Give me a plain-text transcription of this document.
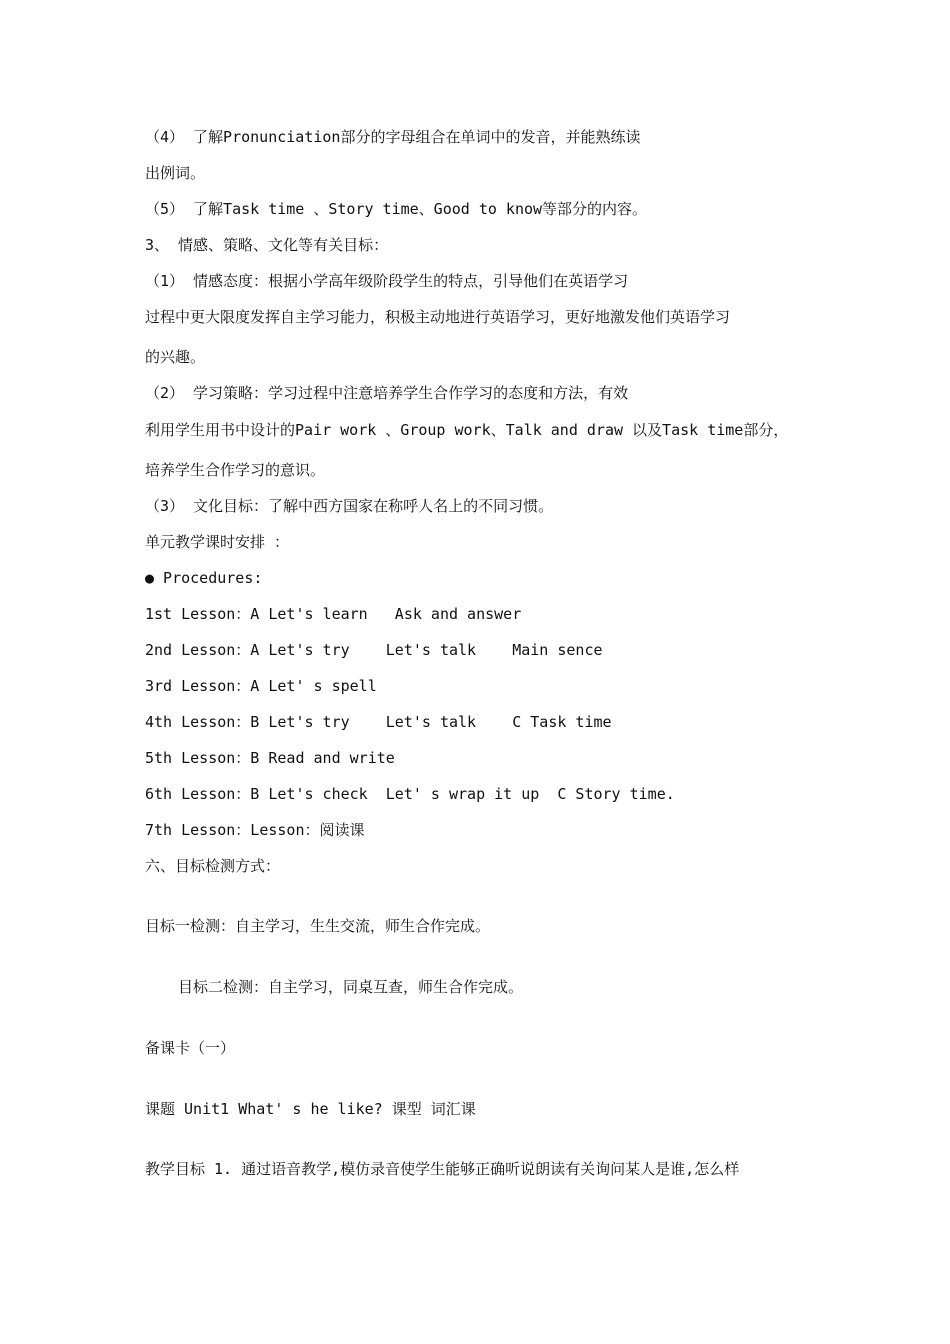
（4） 了解Pronunciation部分的字母组合在单词中的发音，并能熟练读
出例词。
（5） 了解Task time 、Story time、Good to know等部分的内容。
3、 情感、策略、文化等有关目标：
（1） 情感态度：根据小学高年级阶段学生的特点，引导他们在英语学习
过程中更大限度发挥自主学习能力，积极主动地进行英语学习，更好地激发他们英语学习
的兴趣。
（2） 学习策略：学习过程中注意培养学生合作学习的态度和方法，有效
利用学生用书中设计的Pair work 、Group work、Talk and draw 以及Task time部分，
培养学生合作学习的意识。
（3） 文化目标：了解中西方国家在称呼人名上的不同习惯。
单元教学课时安排 ：
● Procedures:
1st Lesson：A Let's learn   Ask and answer
2nd Lesson：A Let's try    Let's talk    Main sence
3rd Lesson：A Let' s spell
4th Lesson：B Let's try    Let's talk    C Task time
5th Lesson：B Read and write
6th Lesson：B Let's check  Let' s wrap it up  C Story time.
7th Lesson：Lesson：阅读课
六、目标检测方式：
目标一检测：自主学习，生生交流，师生合作完成。
目标二检测：自主学习，同桌互查，师生合作完成。
备课卡（一）
课题 Unit1 What' s he like? 课型 词汇课
教学目标 1. 通过语音教学,模仿录音使学生能够正确听说朗读有关询问某人是谁,怎么样
